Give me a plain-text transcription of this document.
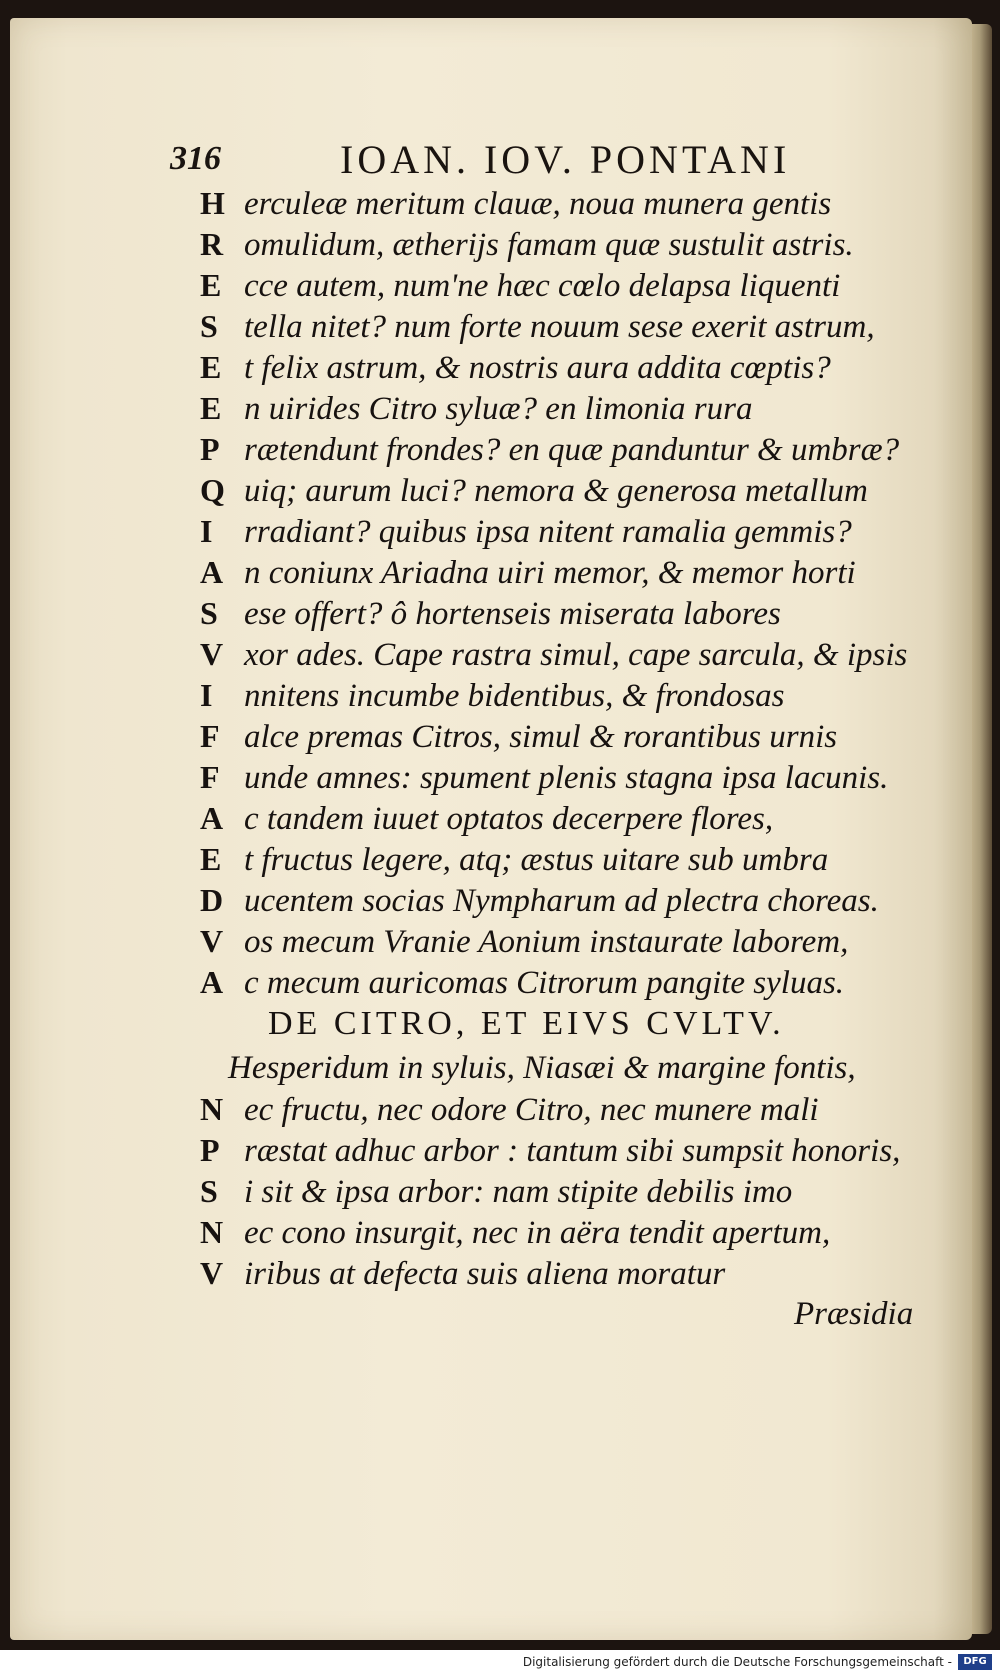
316	IOAN. IOV. PONTANI
H erculeæ meritum clauæ, noua munera gentis
R omulidum, ætherijs famam quæ sustulit astris.
E cce autem, num'ne hæc cœlo delapsa liquenti
S tella nitet? num forte nouum sese exerit astrum,
E t felix astrum, & nostris aura addita cœptis?
E n uirides Citro syluæ? en limonia rura
P rætendunt frondes? en quæ panduntur & umbræ?
Q uiq; aurum luci? nemora & generosa metallum
I rradiant? quibus ipsa nitent ramalia gemmis?
A n coniunx Ariadna uiri memor, & memor horti
S ese offert? ô hortenseis miserata labores
V xor ades. Cape rastra simul, cape sarcula, & ipsis
I nnitens incumbe bidentibus, & frondosas
F alce premas Citros, simul & rorantibus urnis
F unde amnes: spument plenis stagna ipsa lacunis.
A c tandem iuuet optatos decerpere flores,
E t fructus legere, atq; æstus uitare sub umbra
D ucentem socias Nympharum ad plectra choreas.
V os mecum Vranie Aonium instaurate laborem,
A c mecum auricomas Citrorum pangite syluas.
DE CITRO, ET EIVS CVLTV.
Hesperidum in syluis, Niasæi & margine fontis,
N ec fructu, nec odore Citro, nec munere mali
P ræstat adhuc arbor : tantum sibi sumpsit honoris,
S i sit & ipsa arbor: nam stipite debilis imo
N ec cono insurgit, nec in aëra tendit apertum,
V iribus at defecta suis aliena moratur
Præsidia
Digitalisierung gefördert durch die Deutsche Forschungsgemeinschaft -	DFG
